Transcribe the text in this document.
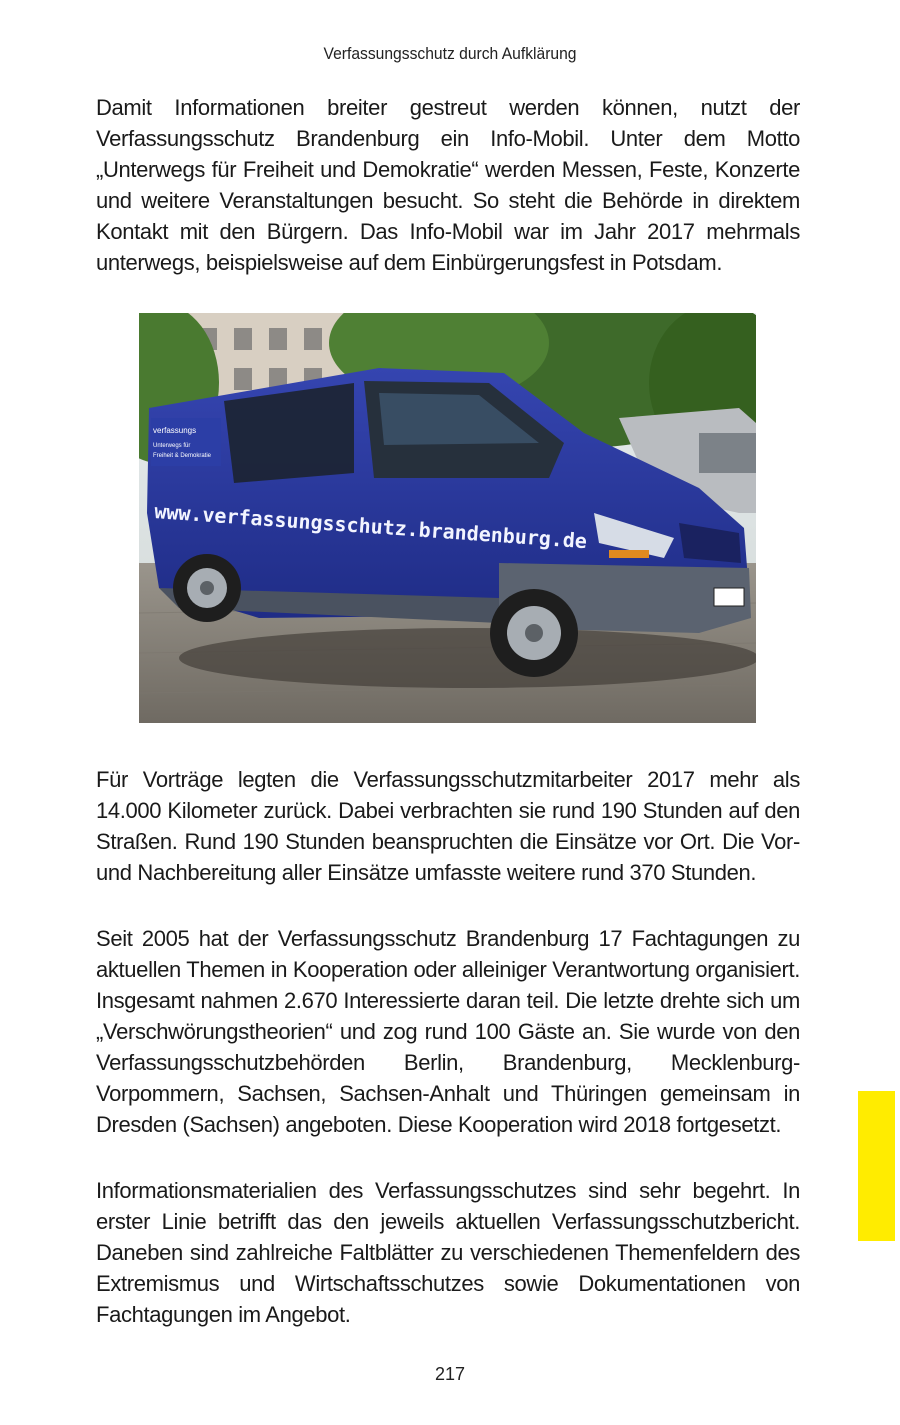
Verfassungsschutz durch Aufklärung

Damit Informationen breiter gestreut werden können, nutzt der Verfassungsschutz Brandenburg ein Info-Mobil. Unter dem Motto „Unterwegs für Freiheit und Demokratie“ werden Messen, Feste, Konzerte und weitere Veranstaltungen besucht. So steht die Behörde in direktem Kontakt mit den Bürgern. Das Info-Mobil war im Jahr 2017 mehrmals unterwegs, beispielsweise auf dem Einbürgerungsfest in Potsdam.

verfassungs
Unterwegs für
Freiheit & Demokratie
www.verfassungsschutz.brandenburg.de

Für Vorträge legten die Verfassungsschutzmitarbeiter 2017 mehr als 14.000 Kilometer zurück. Dabei verbrachten sie rund 190 Stunden auf den Straßen. Rund 190 Stunden beanspruchten die Einsätze vor Ort. Die Vor- und Nachbereitung aller Einsätze umfasste weitere rund 370 Stunden.

Seit 2005 hat der Verfassungsschutz Brandenburg 17 Fachtagungen zu aktuellen Themen in Kooperation oder alleiniger Verantwortung organisiert. Insgesamt nahmen 2.670 Interessierte daran teil. Die letzte drehte sich um „Verschwörungstheorien“ und zog rund 100 Gäste an. Sie wurde von den Verfassungsschutzbehörden Berlin, Brandenburg, Mecklenburg-Vorpommern, Sachsen, Sachsen-Anhalt und Thüringen gemeinsam in Dresden (Sachsen) angeboten. Diese Kooperation wird 2018 fortgesetzt.

Informationsmaterialien des Verfassungsschutzes sind sehr begehrt. In erster Linie betrifft das den jeweils aktuellen Verfassungsschutzbericht. Daneben sind zahlreiche Faltblätter zu verschiedenen Themenfeldern des Extremismus und Wirtschaftsschutzes sowie Dokumentationen von Fachtagungen im Angebot.

217
